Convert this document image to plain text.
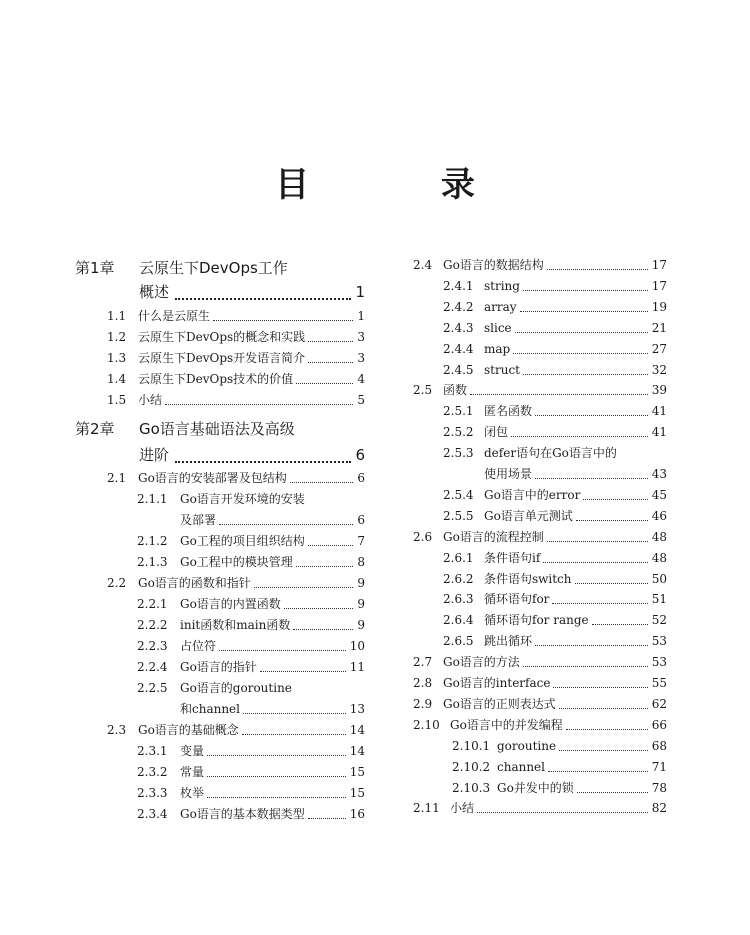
目 录
第1章 云原生下DevOps工作
概述	1
1.1 什么是云原生	1
1.2 云原生下DevOps的概念和实践	3
1.3 云原生下DevOps开发语言简介	3
1.4 云原生下DevOps技术的价值	4
1.5 小结	5
第2章 Go语言基础语法及高级
进阶	6
2.1 Go语言的安装部署及包结构	6
2.1.1 Go语言开发环境的安装
及部署	6
2.1.2 Go工程的项目组织结构	7
2.1.3 Go工程中的模块管理	8
2.2 Go语言的函数和指针	9
2.2.1 Go语言的内置函数	9
2.2.2 init函数和main函数	9
2.2.3 占位符	10
2.2.4 Go语言的指针	11
2.2.5 Go语言的goroutine
和channel	13
2.3 Go语言的基础概念	14
2.3.1 变量	14
2.3.2 常量	15
2.3.3 枚举	15
2.3.4 Go语言的基本数据类型	16
2.4 Go语言的数据结构	17
2.4.1 string	17
2.4.2 array	19
2.4.3 slice	21
2.4.4 map	27
2.4.5 struct	32
2.5 函数	39
2.5.1 匿名函数	41
2.5.2 闭包	41
2.5.3 defer语句在Go语言中的
使用场景	43
2.5.4 Go语言中的error	45
2.5.5 Go语言单元测试	46
2.6 Go语言的流程控制	48
2.6.1 条件语句if	48
2.6.2 条件语句switch	50
2.6.3 循环语句for	51
2.6.4 循环语句for range	52
2.6.5 跳出循环	53
2.7 Go语言的方法	53
2.8 Go语言的interface	55
2.9 Go语言的正则表达式	62
2.10 Go语言中的并发编程	66
2.10.1 goroutine	68
2.10.2 channel	71
2.10.3 Go并发中的锁	78
2.11 小结	82
